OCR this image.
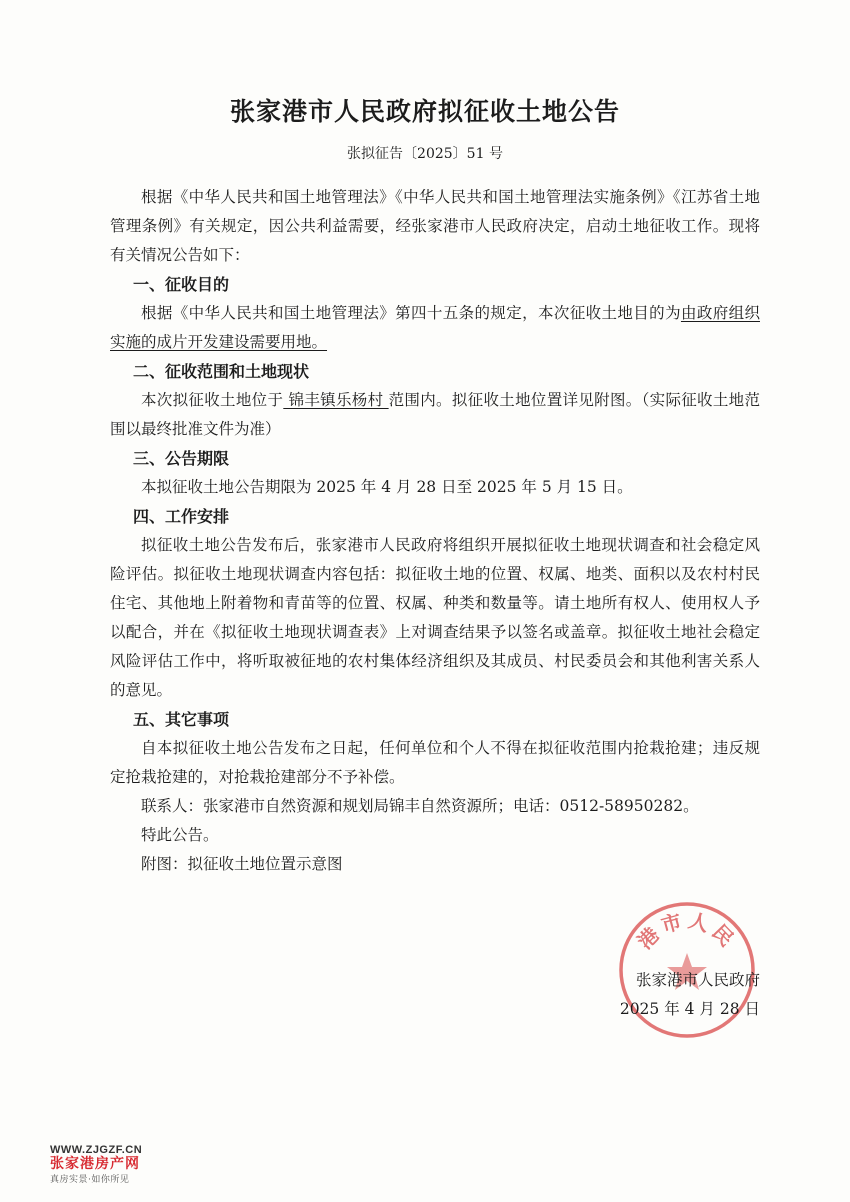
张家港市人民政府拟征收土地公告
张拟征告〔2025〕51 号

根据《中华人民共和国土地管理法》《中华人民共和国土地管理法实施条例》《江苏省土地管理条例》有关规定，因公共利益需要，经张家港市人民政府决定，启动土地征收工作。现将有关情况公告如下：

一、征收目的

根据《中华人民共和国土地管理法》第四十五条的规定，本次征收土地目的为由政府组织实施的成片开发建设需要用地。

二、征收范围和土地现状

本次拟征收土地位于 锦丰镇乐杨村 范围内。拟征收土地位置详见附图。（实际征收土地范围以最终批准文件为准）

三、公告期限

本拟征收土地公告期限为 2025 年 4 月 28 日至 2025 年 5 月 15 日。

四、工作安排

拟征收土地公告发布后，张家港市人民政府将组织开展拟征收土地现状调查和社会稳定风险评估。拟征收土地现状调查内容包括：拟征收土地的位置、权属、地类、面积以及农村村民住宅、其他地上附着物和青苗等的位置、权属、种类和数量等。请土地所有权人、使用权人予以配合，并在《拟征收土地现状调查表》上对调查结果予以签名或盖章。拟征收土地社会稳定风险评估工作中，将听取被征地的农村集体经济组织及其成员、村民委员会和其他利害关系人的意见。

五、其它事项

自本拟征收土地公告发布之日起，任何单位和个人不得在拟征收范围内抢栽抢建；违反规定抢栽抢建的，对抢栽抢建部分不予补偿。

联系人：张家港市自然资源和规划局锦丰自然资源所；电话：0512-58950282。

特此公告。

附图：拟征收土地位置示意图

港市人民
张家港市人民政府
2025 年 4 月 28 日
WWW.ZJGZF.CN
张家港房产网
真房实景·如你所见
